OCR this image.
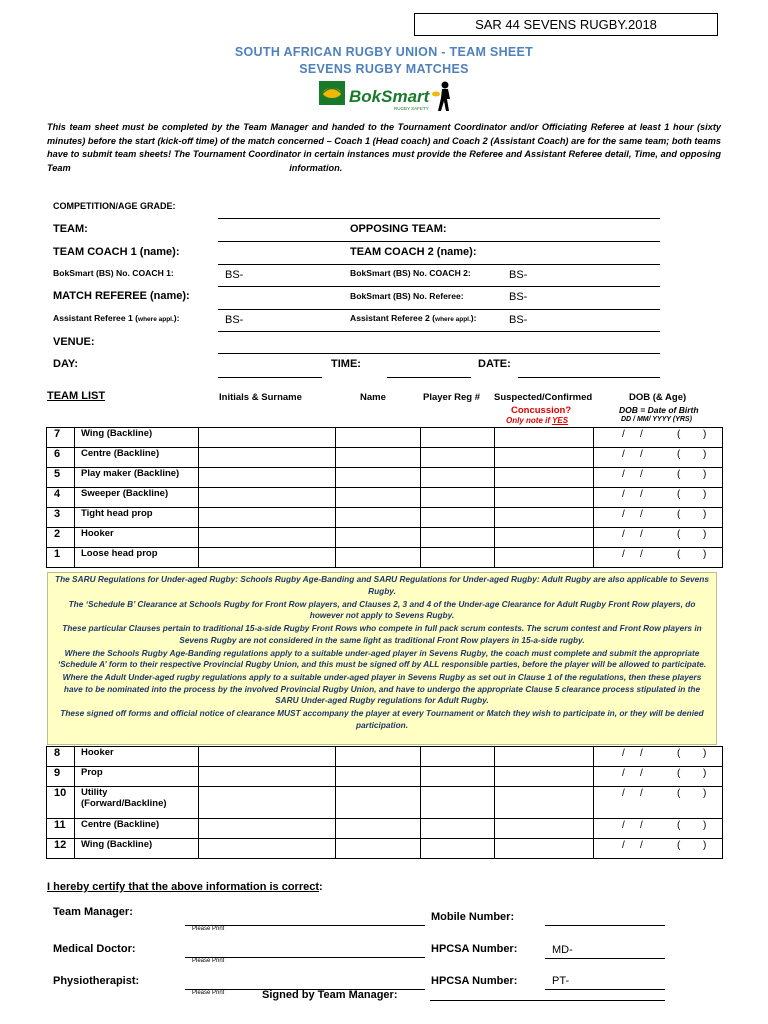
SAR 44 SEVENS RUGBY.2018
SOUTH AFRICAN RUGBY UNION - TEAM SHEET
SEVENS RUGBY MATCHES
BokSmart
RUGBY SAFETY
This team sheet must be completed by the Team Manager and handed to the Tournament Coordinator and/or Officiating Referee at least 1 hour (sixty minutes) before the start (kick-off time) of the match concerned – Coach 1 (Head coach) and Coach 2 (Assistant Coach) are for the same team; both teams have to submit team sheets! The Tournament Coordinator in certain instances must provide the Referee and Assistant Referee detail, Time, and opposing Team	information.
COMPETITION/AGE GRADE:
TEAM:	OPPOSING TEAM:
TEAM COACH 1 (name):	TEAM COACH 2 (name):
BokSmart (BS) No. COACH 1:	BS-	BokSmart (BS) No. COACH 2:	BS-
MATCH REFEREE (name):	BokSmart (BS) No. Referee:	BS-
Assistant Referee 1 (where appl.):	BS-	Assistant Referee 2 (where appl.):	BS-
VENUE:
DAY:	TIME:	DATE:
TEAM LIST	Initials & Surname	Name	Player Reg # Suspected/Confirmed
Concussion?
Only note if YES
DOB (& Age)
DOB = Date of Birth
DD / MM/ YYYY (YRS)
7	Wing (Backline)					/ / ( )

6	Centre (Backline)					/ / ( )

5	Play maker (Backline)					/ / ( )

4	Sweeper (Backline)					/ / ( )

3	Tight head prop					/ / ( )

2	Hooker					/ / ( )

1	Loose head prop					/ / ( )

The SARU Regulations for Under-aged Rugby: Schools Rugby Age-Banding and SARU Regulations for Under-aged Rugby: Adult Rugby are also applicable to Sevens Rugby.

The ‘Schedule B’ Clearance at Schools Rugby for Front Row players, and Clauses 2, 3 and 4 of the Under-age Clearance for Adult Rugby Front Row players, do however not apply to Sevens Rugby.

These particular Clauses pertain to traditional 15-a-side Rugby Front Rows who compete in full pack scrum contests. The scrum contest and Front Row players in Sevens Rugby are not considered in the same light as traditional Front Row players in 15-a-side rugby.

Where the Schools Rugby Age-Banding regulations apply to a suitable under-aged player in Sevens Rugby, the coach must complete and submit the appropriate ‘Schedule A’ form to their respective Provincial Rugby Union, and this must be signed off by ALL responsible parties, before the player will be allowed to participate.

Where the Adult Under-aged rugby regulations apply to a suitable under-aged player in Sevens Rugby as set out in Clause 1 of the regulations, then these players have to be nominated into the process by the involved Provincial Rugby Union, and have to undergo the appropriate Clause 5 clearance process stipulated in the SARU Under-aged Rugby regulations for Adult Rugby.

These signed off forms and official notice of clearance MUST accompany the player at every Tournament or Match they wish to participate in, or they will be denied participation.

8	Hooker					/ / ( )

9	Prop					/ / ( )

10	Utility
(Forward/Backline)					/ / ( )

11	Centre (Backline)					/ / ( )

12	Wing (Backline)					/ / ( )
I hereby certify that the above information is correct:
Team Manager:
Please Print
Mobile Number:
Medical Doctor:
Please Print
HPCSA Number:	MD-
Physiotherapist:
Please Print	Signed by Team Manager:
HPCSA Number:	PT-
